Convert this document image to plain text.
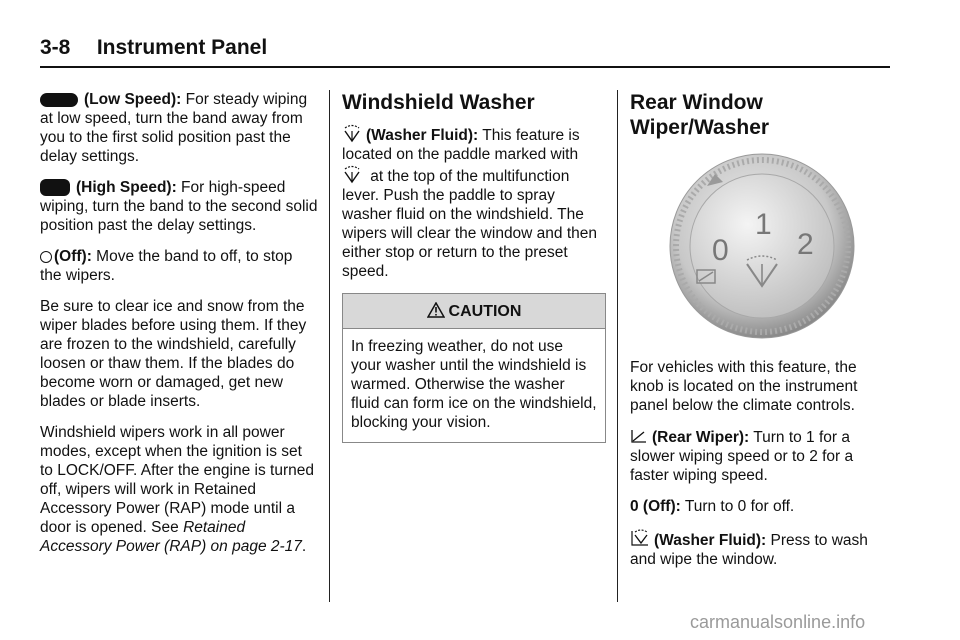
3-8 Instrument Panel

(Low Speed): For steady wiping at low speed, turn the band away from you to the first solid position past the delay settings.

(High Speed): For high-speed wiping, turn the band to the second solid position past the delay settings.

(Off): Move the band to off, to stop the wipers.

Be sure to clear ice and snow from the wiper blades before using them. If they are frozen to the windshield, carefully loosen or thaw them. If the blades do become worn or damaged, get new blades or blade inserts.

Windshield wipers work in all power modes, except when the ignition is set to LOCK/OFF. After the engine is turned off, wipers will work in Retained Accessory Power (RAP) mode until a door is opened. See Retained Accessory Power (RAP) on page 2-17.

Windshield Washer

(Washer Fluid): This feature is located on the paddle marked with  at the top of the multifunction lever. Push the paddle to spray washer fluid on the windshield. The wipers will clear the window and then either stop or return to the preset speed.

CAUTION
In freezing weather, do not use your washer until the windshield is warmed. Otherwise the washer fluid can form ice on the windshield, blocking your vision.
Rear Window Wiper/Washer
0
1
2

For vehicles with this feature, the knob is located on the instrument panel below the climate controls.

(Rear Wiper): Turn to 1 for a slower wiping speed or to 2 for a faster wiping speed.

0 (Off): Turn to 0 for off.

(Washer Fluid): Press to wash and wipe the window.

carmanualsonline.info
